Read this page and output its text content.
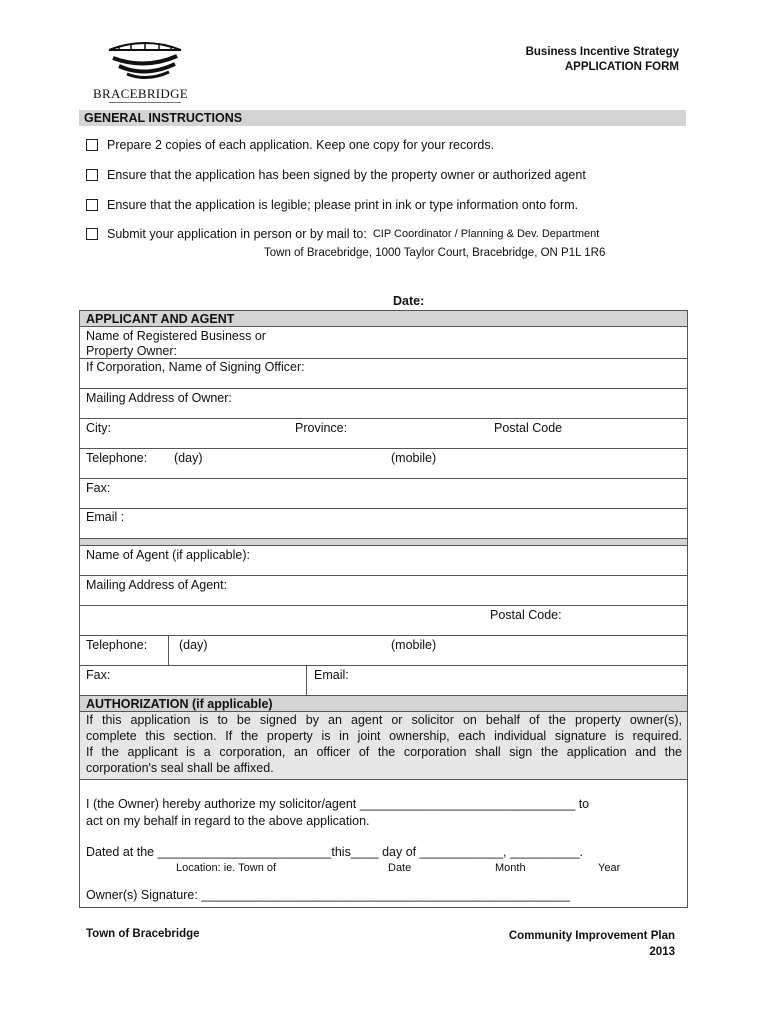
BRACEBRIDGE
Business Incentive Strategy
APPLICATION FORM
GENERAL INSTRUCTIONS
Prepare 2 copies of each application. Keep one copy for your records.
Ensure that the application has been signed by the property owner or authorized agent
Ensure that the application is legible; please print in ink or type information onto form.
Submit your application in person or by mail to: CIP Coordinator / Planning & Dev. Department
Town of Bracebridge, 1000 Taylor Court, Bracebridge, ON P1L 1R6
Date:
APPLICANT AND AGENT
Name of Registered Business or
Property Owner:
If Corporation, Name of Signing Officer:
Mailing Address of Owner:
City:	Province:	Postal Code
Telephone: (day)	(mobile)
Fax:
Email :
Name of Agent (if applicable):
Mailing Address of Agent:
Postal Code:
Telephone:	(day)	(mobile)
Fax:	Email:
AUTHORIZATION (if applicable)
If this application is to be signed by an agent or solicitor on behalf of the property owner(s),
complete this section. If the property is in joint ownership, each individual signature is required.
If the applicant is a corporation, an officer of the corporation shall sign the application and the
corporation's seal shall be affixed.
I (the Owner) hereby authorize my solicitor/agent _______________________________ to
act on my behalf in regard to the above application.
Dated at the _________________________this____ day of ____________, __________.
Location: ie. Town of	Date	Month	Year
Owner(s) Signature: _____________________________________________________
Town of Bracebridge	Community Improvement Plan
2013
